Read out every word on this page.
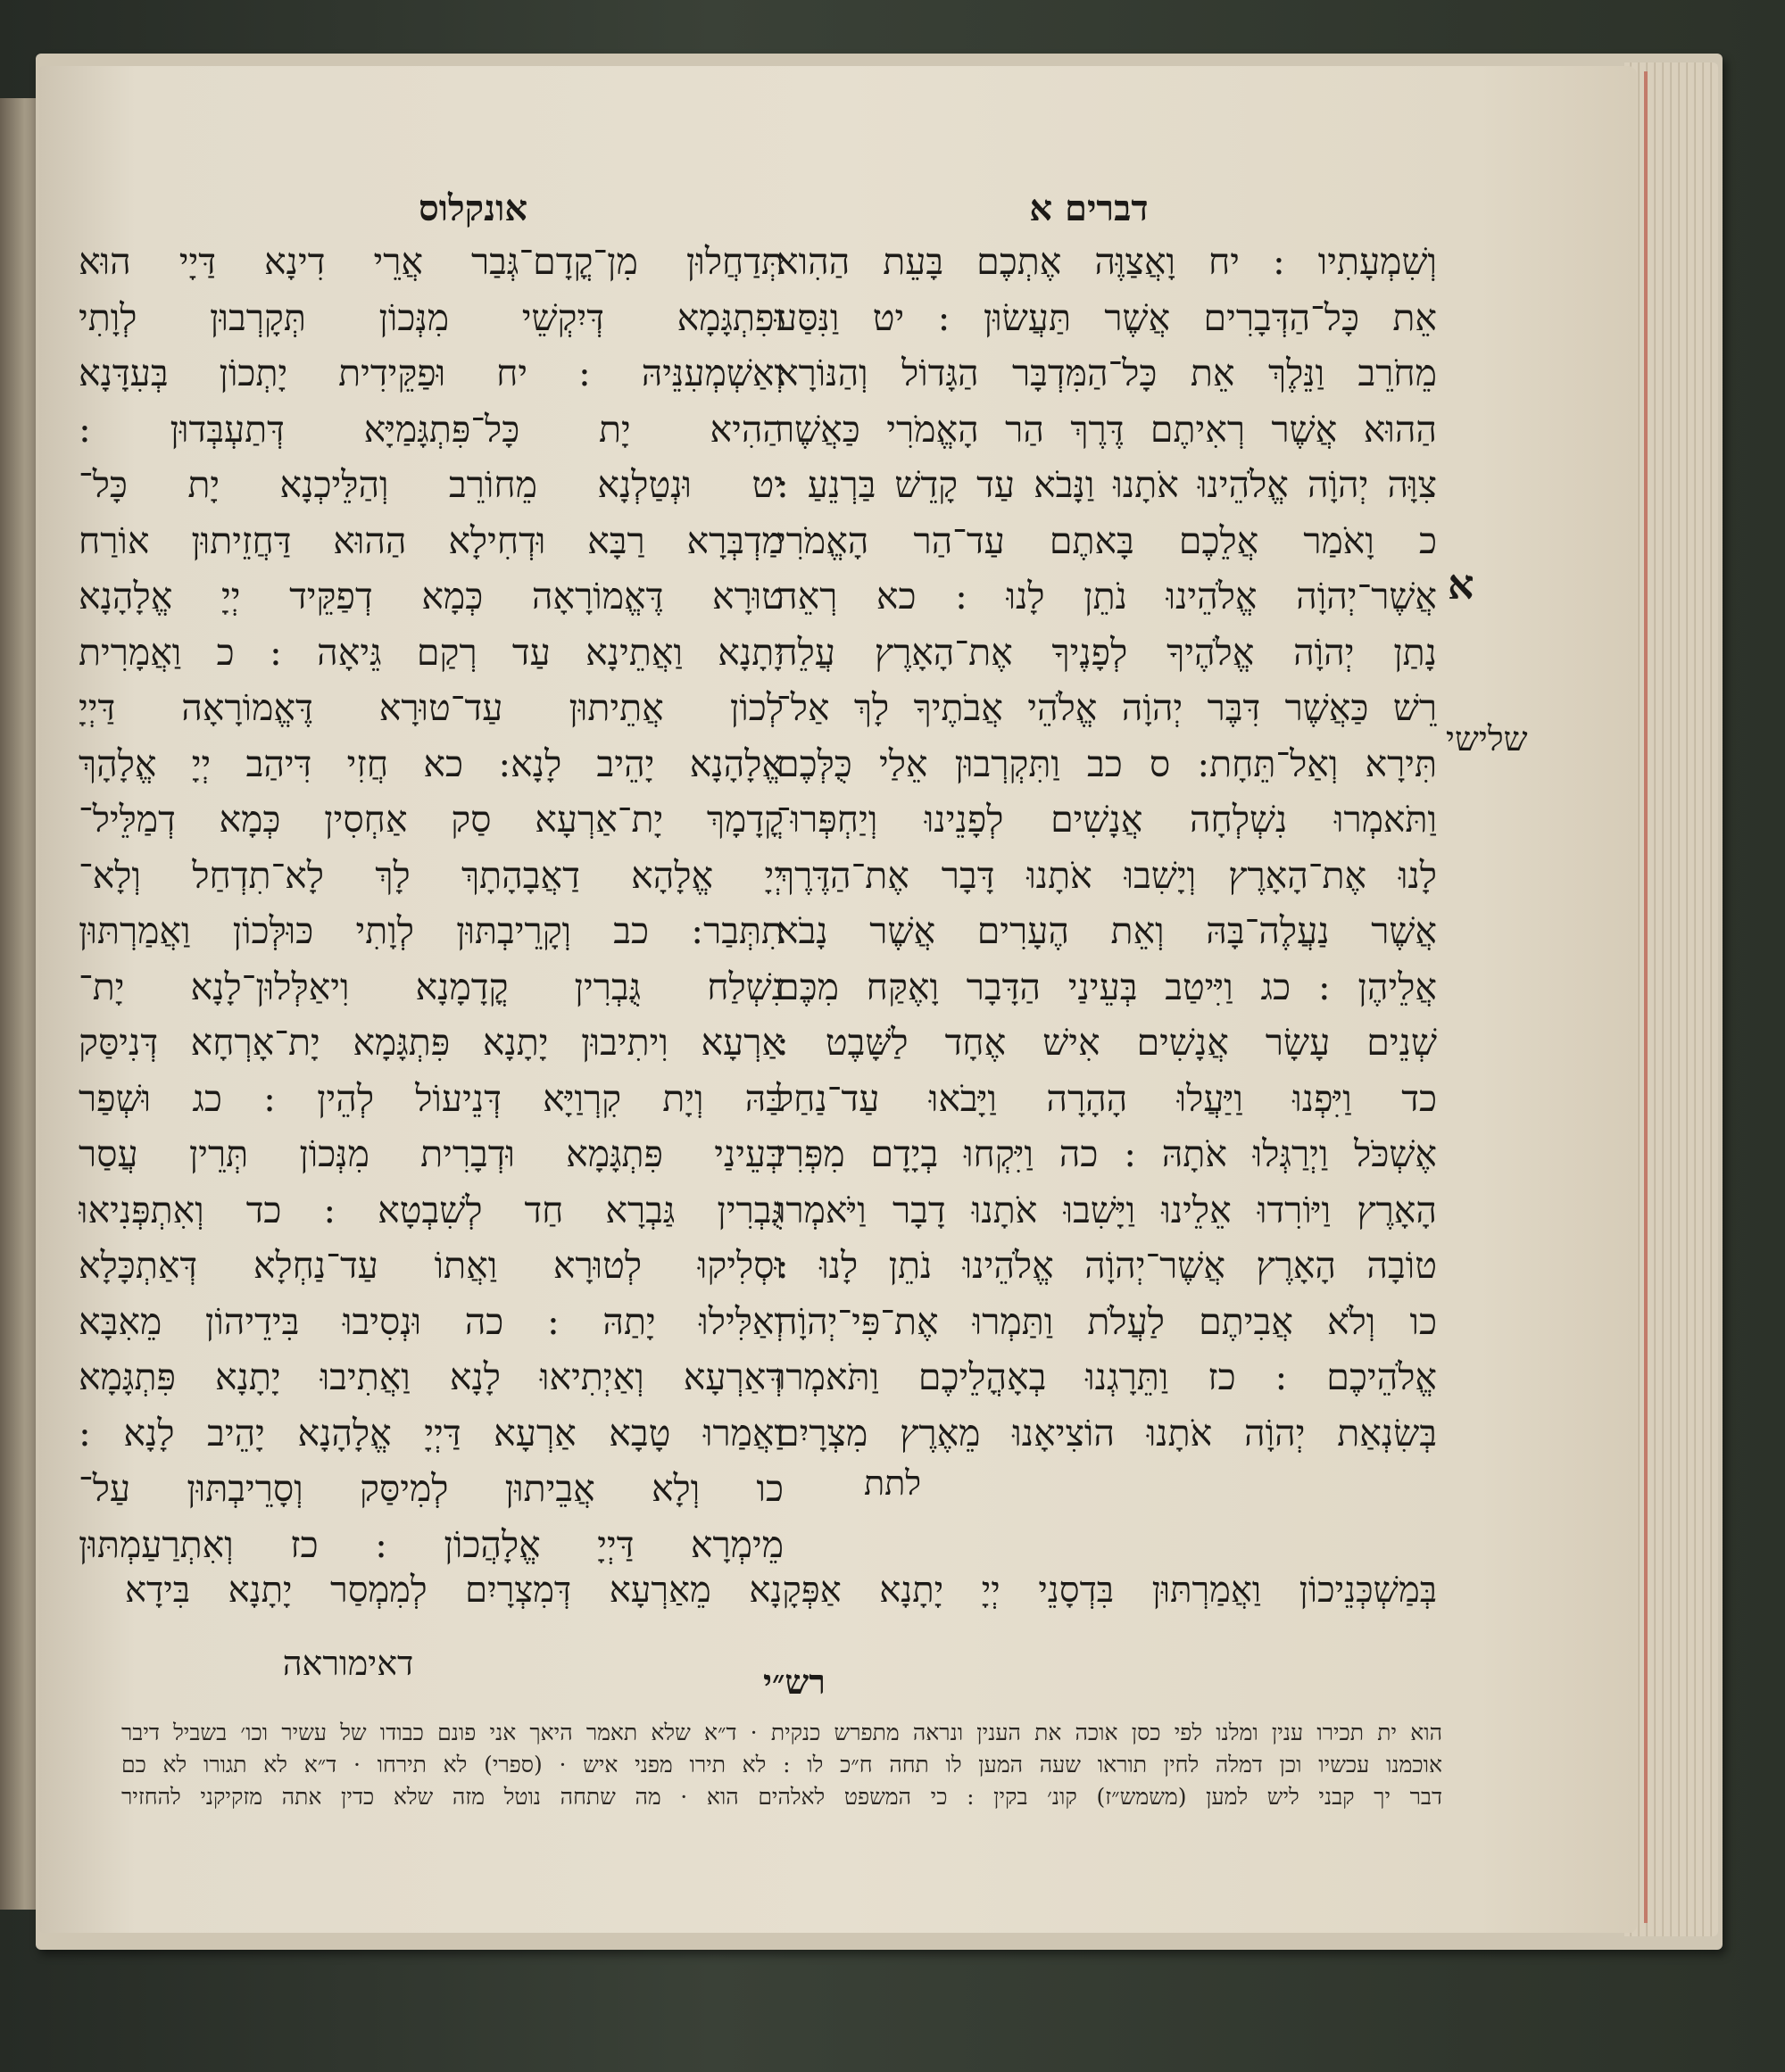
אונקלוס	דברים א
תְּדַחֲלוּן מִן־קֳדָם־גְּבַר אֲרֵי דִינָא דַּיָי הוּא
וּפִתְגָּמָא דְּיִקְשֵׁי מִנְּכוֹן תְּקָרְבוּן לְוָתִי
וְאַשְׁמְעִנֵּיהּ : יח וּפַקֵּידִית יָתְכוֹן בְּעִדָּנָא
הַהִיא יָת כָּל־פִּתְגָּמַיָּא דְּתַעְבְּדוּן :
יט וּנְטַלְנָא מֵחוֹרֵב וְהַלֵּיכְנָא יָת כָּל־
מַדְבְּרָא רַבָּא וּדְחִילָא הַהוּא דַּחֲזֵיתוּן אוֹרַח
טוּרָא דֶּאֱמוֹרָאָה כְּמָא דְפַקֵּיד יְיָ אֱלָהָנָא
יָתָנָא וַאֲתֵינָא עַד רְקַם גֵּיאָה : כ וַאֲמָרִית
לְכוֹן אֲתֵיתוּן עַד־טוּרָא דֶּאֱמוֹרָאָה דַּיְיָ
אֱלָהָנָא יָהֵיב לָנָא: כא חֲזִי דִּיהַב יְיָ אֱלָהָךְ
קֳדָמָךְ יָת־אַרְעָא סַק אַחְסִין כְּמָא דְמַלֵּיל־
יְיָ אֱלָהָא דַאֲבָהָתָךְ לָךְ לָא־תִדְחַל וְלָא־
תִתְּבַר: כב וְקָרֵיבְתּוּן לְוָתִי כּוּלְּכוֹן וַאֲמַרְתּוּן
נִשְׁלַח גֻּבְרִין קֳדָמָנָא וִיאַלְּלוּן־לָנָא יָת־
אַרְעָא וִיתִיבוּן יָתָנָא פִּתְגָּמָא יָת־אָרְחָא דְּנִיסַּק
בַּהּ וְיָת קִרְוַיָּא דְּנֵיעוֹל לְהֵין : כג וּשְׁפַר
בְּעֵינַי פִּתְגָּמָא וּדְבָרִית מִנְּכוֹן תְּרֵין עֲסַר
גֻּבְרִין גַּבְרָא חַד לְשִׁבְטָא : כד וְאִתְפְּנִיאוּ
וּסְלִיקוּ לְטוּרָא וַאֲתוֹ עַד־נַחְלָא דְּאַתְכָּלָא
וְאַלִּילוּ יָתַהּ : כה וּנְסִיבוּ בִּידֵיהוֹן מֵאִבָּא
דְּאַרְעָא וְאַיְתִיאוּ לָנָא וַאֲתִיבוּ יָתָנָא פִּתְגָּמָא
וַאֲמַרוּ טָבָא אַרְעָא דַּיְיָ אֱלָהָנָא יָהֵיב לָנָא :
כו וְלָא אֲבֵיתוּן לְמִיסַּק וְסָרֵיבְתּוּן עַל־
מֵימְרָא דַּיְיָ אֱלָהֲכוֹן : כז וְאִתְרַעַמְתּוּן
וְשִׁמְעָתִיו : יח וָאֲצַוֶּה אֶתְכֶם בָּעֵת הַהִוא
אֵת כָּל־הַדְּבָרִים אֲשֶׁר תַּעֲשׂוּן : יט וַנִּסַּע
מֵחֹרֵב וַנֵּלֶךְ אֵת כָּל־הַמִּדְבָּר הַגָּדוֹל וְהַנּוֹרָא
הַהוּא אֲשֶׁר רְאִיתֶם דֶּרֶךְ הַר הָאֱמֹרִי כַּאֲשֶׁר
צִוָּה יְהוָֹה אֱלֹהֵינוּ אֹתָנוּ וַנָּבֹא עַד קָדֵשׁ בַּרְנֵעַ :
כ וָאֹמַר אֲלֵכֶם בָּאתֶם עַד־הַר הָאֱמֹרִי
אֲשֶׁר־יְהוָֹה אֱלֹהֵינוּ נֹתֵן לָנוּ : כא רְאֵה
נָתַן יְהוָֹה אֱלֹהֶיךָ לְפָנֶיךָ אֶת־הָאָרֶץ עֲלֵה
רֵשׁ כַּאֲשֶׁר דִּבֶּר יְהוָֹה אֱלֹהֵי אֲבֹתֶיךָ לָךְ אַל־
תִּירָא וְאַל־תֵּחָת: ס כב וַתִּקְרְבוּן אֵלַי כֻּלְּכֶם
וַתֹּאמְרוּ נִשְׁלְחָה אֲנָשִׁים לְפָנֵינוּ וְיַחְפְּרוּ־
לָנוּ אֶת־הָאָרֶץ וְיָשִׁבוּ אֹתָנוּ דָּבָר אֶת־הַדֶּרֶךְ
אֲשֶׁר נַעֲלֶה־בָּהּ וְאֵת הֶעָרִים אֲשֶׁר נָבֹא
אֲלֵיהֶן : כג וַיִּיטַב בְּעֵינַי הַדָּבָר וָאֶקַּח מִכֶּם
שְׁנֵים עָשָׂר אֲנָשִׁים אִישׁ אֶחָד לַשָּׁבֶט :
כד וַיִּפְנוּ וַיַּעֲלוּ הָהָרָה וַיָּבֹאוּ עַד־נַחַל
אֶשְׁכֹּל וַיְרַגְּלוּ אֹתָהּ : כה וַיִּקְחוּ בְיָדָם מִפְּרִי
הָאָרֶץ וַיּוֹרִדוּ אֵלֵינוּ וַיָּשִׁבוּ אֹתָנוּ דָבָר וַיֹּאמְרוּ
טוֹבָה הָאָרֶץ אֲשֶׁר־יְהוָֹה אֱלֹהֵינוּ נֹתֵן לָנוּ :
כו וְלֹא אֲבִיתֶם לַעֲלֹת וַתַּמְרוּ אֶת־פִּי־יְהוָֹה
אֱלֹהֵיכֶם : כז וַתֵּרָגְנוּ בְאָהֳלֵיכֶם וַתֹּאמְרוּ
בְּשִׂנְאַת יְהוָֹה אֹתָנוּ הוֹצִיאָנוּ מֵאֶרֶץ מִצְרָיִם
א
שלישי
לתת
בְּמַשְׁכְּנֵיכוֹן וַאֲמַרְתּוּן בִּדְסָנֵי יְיָ יָתָנָא אַפְּקָנָא מֵאַרְעָא דְּמִצְרָיִם לְמִמְסַר יָתָנָא בִּידָא
דאימוראה	רש״י
הוא ית תכירו ענין ומלנו לפי כסן אוכה את הענין ונראה מתפרש כנקית · ד״א שלא תאמר היאך אני פונם כבודו של עשיר וכו׳ בשביל דיבר
אוכמנו עכשיו וכן דמלה לחין תוראו שעה המען לו תחה ח״כ לו : לא תירו מפני איש · (ספרי) לא תירחו · ד״א לא תגורו לא כם
דבר יך קבני ליש למען (משמש״ז) קונ׳ בקין : כי המשפט לאלהים הוא · מה שתחה נוטל מזה שלא כדין אתה מזקיקני להחזיר
